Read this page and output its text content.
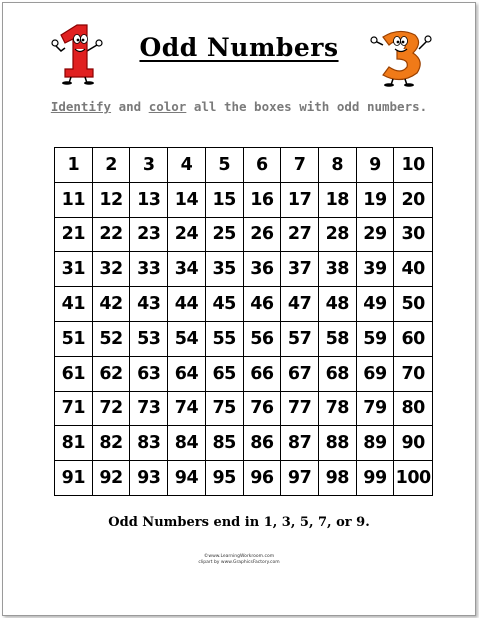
Odd Numbers
Identify and color all the boxes with odd numbers.
1	2	3	4	5	6	7	8	9	10
11	12	13	14	15	16	17	18	19	20
21	22	23	24	25	26	27	28	29	30
31	32	33	34	35	36	37	38	39	40
41	42	43	44	45	46	47	48	49	50
51	52	53	54	55	56	57	58	59	60
61	62	63	64	65	66	67	68	69	70
71	72	73	74	75	76	77	78	79	80
81	82	83	84	85	86	87	88	89	90
91	92	93	94	95	96	97	98	99	100
Odd Numbers end in 1, 3, 5, 7, or 9.
©www.LearningWorkroom.com
clipart by www.GraphicsFactory.com
